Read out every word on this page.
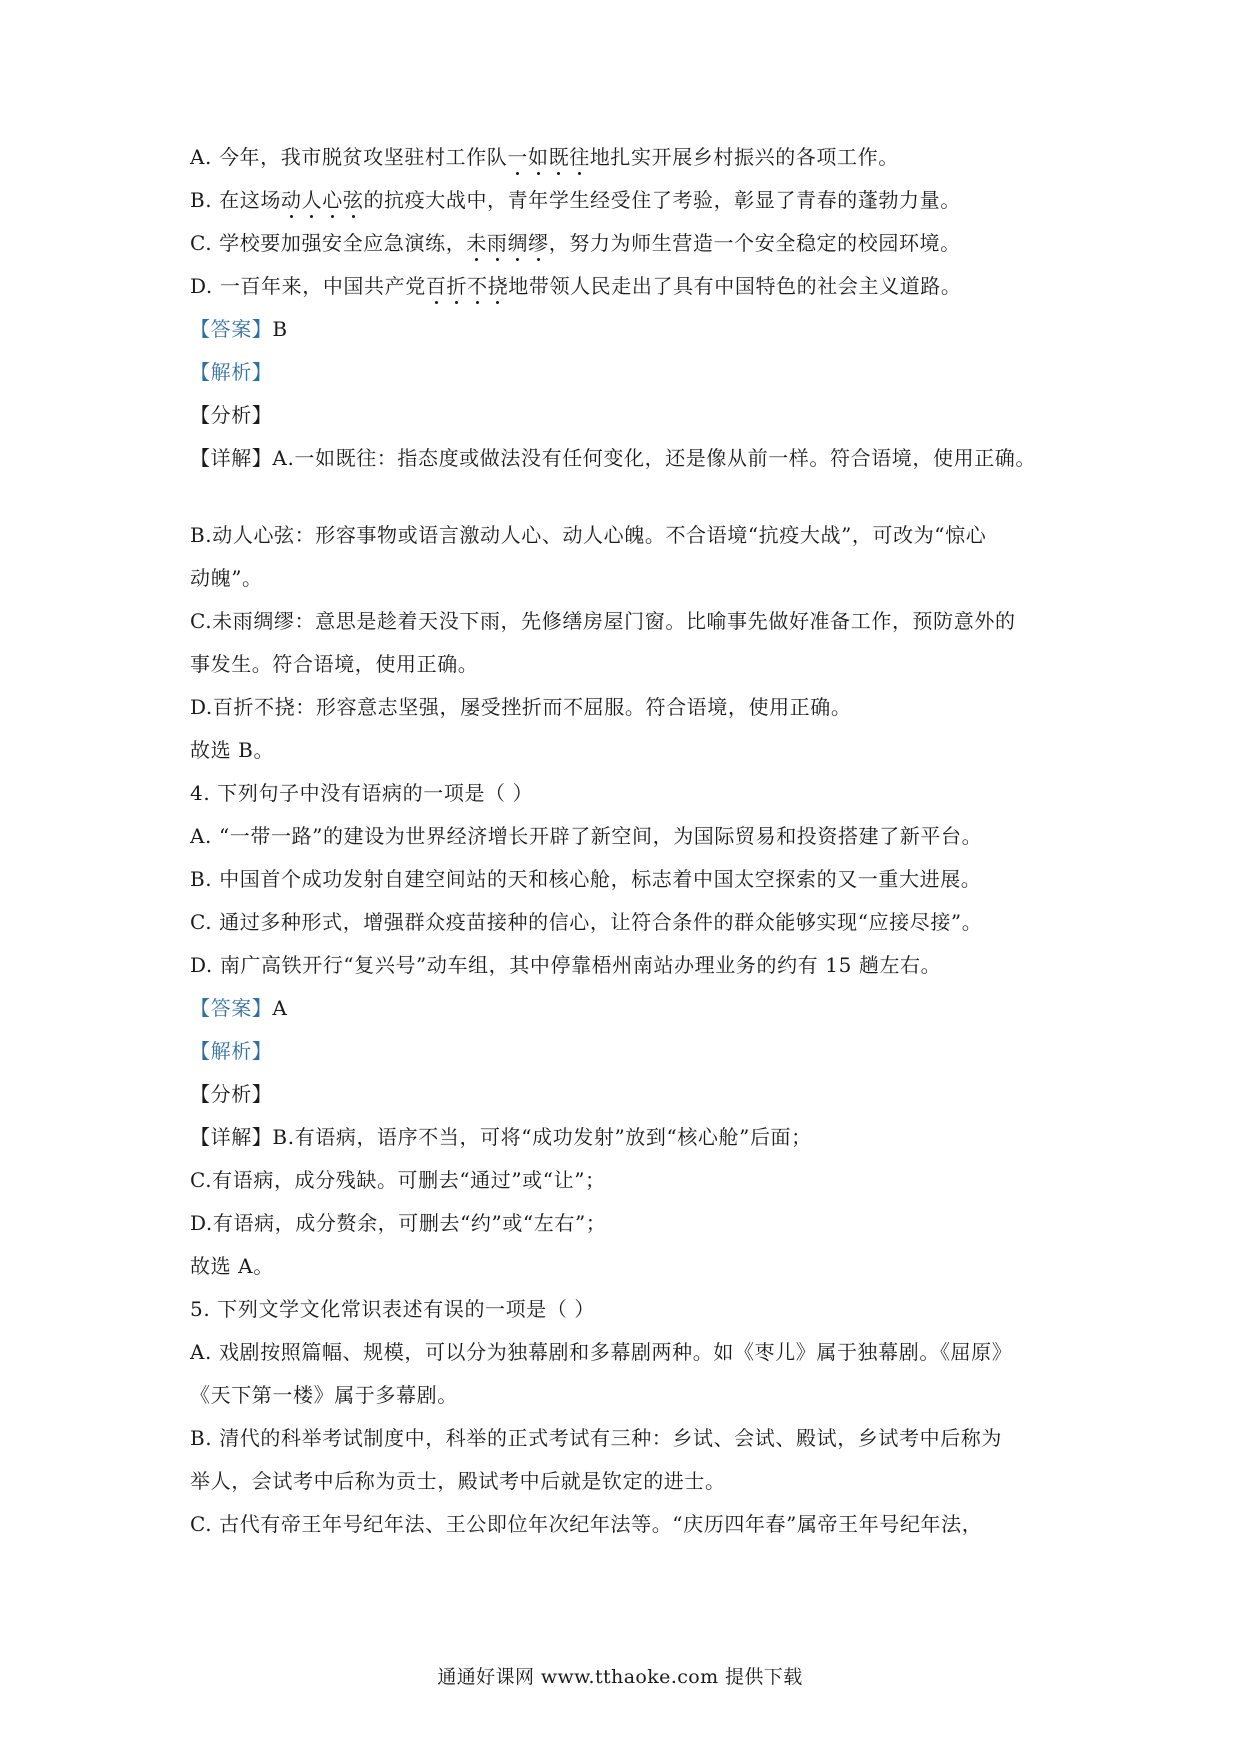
A. 今年，我市脱贫攻坚驻村工作队一如既往地扎实开展乡村振兴的各项工作。
B. 在这场动人心弦的抗疫大战中，青年学生经受住了考验，彰显了青春的蓬勃力量。
C. 学校要加强安全应急演练，未雨绸缪，努力为师生营造一个安全稳定的校园环境。
D. 一百年来，中国共产党百折不挠地带领人民走出了具有中国特色的社会主义道路。
【答案】B
【解析】
【分析】
【详解】A.一如既往：指态度或做法没有任何变化，还是像从前一样。符合语境，使用正确。
B.动人心弦：形容事物或语言激动人心、动人心魄。不合语境“抗疫大战”，可改为“惊心
动魄”。
C.未雨绸缪：意思是趁着天没下雨，先修缮房屋门窗。比喻事先做好准备工作，预防意外的
事发生。符合语境，使用正确。
D.百折不挠：形容意志坚强，屡受挫折而不屈服。符合语境，使用正确。
故选 B。
4. 下列句子中没有语病的一项是（ ）
A. “一带一路”的建设为世界经济增长开辟了新空间，为国际贸易和投资搭建了新平台。
B. 中国首个成功发射自建空间站的天和核心舱，标志着中国太空探索的又一重大进展。
C. 通过多种形式，增强群众疫苗接种的信心，让符合条件的群众能够实现“应接尽接”。
D. 南广高铁开行“复兴号”动车组，其中停靠梧州南站办理业务的约有 15 趟左右。
【答案】A
【解析】
【分析】
【详解】B.有语病，语序不当，可将“成功发射”放到“核心舱”后面；
C.有语病，成分残缺。可删去“通过”或“让”；
D.有语病，成分赘余，可删去“约”或“左右”；
故选 A。
5. 下列文学文化常识表述有误的一项是（ ）
A. 戏剧按照篇幅、规模，可以分为独幕剧和多幕剧两种。如《枣儿》属于独幕剧。《屈原》
《天下第一楼》属于多幕剧。
B. 清代的科举考试制度中，科举的正式考试有三种：乡试、会试、殿试，乡试考中后称为
举人，会试考中后称为贡士，殿试考中后就是钦定的进士。
C. 古代有帝王年号纪年法、王公即位年次纪年法等。“庆历四年春”属帝王年号纪年法，
通通好课网 www.tthaoke.com 提供下载
